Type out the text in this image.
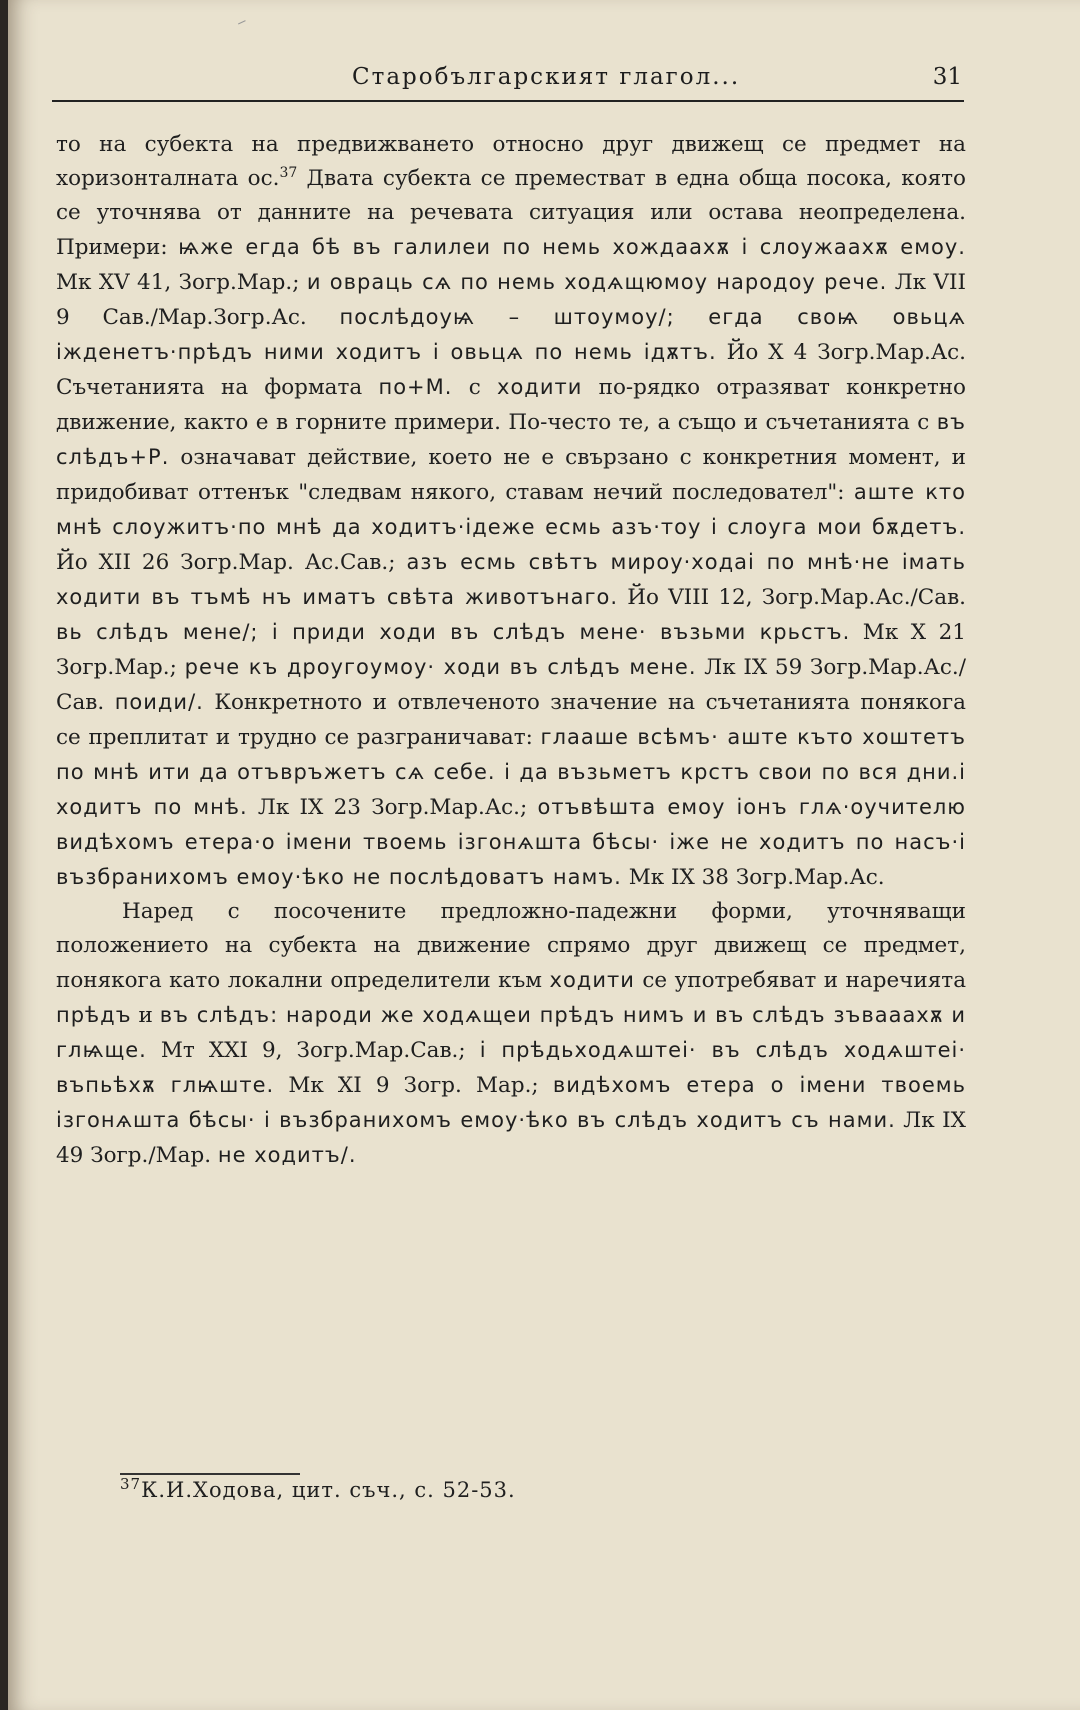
Старобългарският глагол...	31

то на субекта на предвижването относно друг движещ се предмет на хоризонталната ос.$^{37}$ Двата субекта се преместват в една обща посока, която се уточнява от данните на речевата ситуация или остава неопределена. Примери: ѩже егда бѣ въ галилеи по немь хождаахѫ і слоужаахѫ емоу. Мк XV 41, Зогр.Мар.; и овраць сѧ по немь ходѧщюмоу народоу рече. Лк VII 9 Сав./Мар.Зогр.Ас. послѣдоуѩ – штоумоу/; егда своѩ овьцѧ іжденетъ·прѣдъ ними ходитъ і овьцѧ по немь ідѫтъ. Йо X 4 Зогр.Мар.Ас. Съчетанията на формата по+М. с ходити по-рядко отразяват конкретно движение, както е в горните примери. По-често те, а също и съчетанията с въ слѣдъ+Р. означават действие, което не е свързано с конкретния момент, и придобиват оттенък "следвам някого, ставам нечий последовател": аште кто мнѣ слоужитъ·по мнѣ да ходитъ·ідеже есмь азъ·тоу і слоуга мои бѫдетъ. Йо XII 26 Зогр.Мар. Ас.Сав.; азъ есмь свѣтъ мироу·ходаі по мнѣ·не імать ходити въ тъмѣ нъ иматъ свѣта животънаго. Йо VIII 12, Зогр.Мар.Ас./Сав. вь слѣдъ мене/; і приди ходи въ слѣдъ мене· възьми крьстъ. Мк X 21 Зогр.Мар.; рече къ дроугоумоу· ходи въ слѣдъ мене. Лк IX 59 Зогр.Мар.Ас./Сав. поиди/. Конкретното и отвлеченото значение на съчетанията понякога се преплитат и трудно се разграничават: глааше всѣмъ· аште къто хоштетъ по мнѣ ити да отъвръжетъ сѧ себе. і да възьметъ крстъ свои по вся дни.і ходитъ по мнѣ. Лк IX 23 Зогр.Мар.Ас.; отъвѣшта емоу іонъ глѧ·оучителю видѣхомъ етера·о імени твоемь ізгонѧшта бѣсы· іже не ходитъ по насъ·і възбранихомъ емоу·ѣко не послѣдоватъ намъ. Мк IX 38 Зогр.Мар.Ас.

Наред с посочените предложно-падежни форми, уточняващи положението на субекта на движение спрямо друг движещ се предмет, понякога като локални определители към ходити се употребяват и наречията прѣдъ и въ слѣдъ: народи же ходѧщеи прѣдъ нимъ и въ слѣдъ зъвааахѫ и глѩще. Мт XXI 9, Зогр.Мар.Сав.; і прѣдьходѧштеі· въ слѣдъ ходѧштеі· въпьѣхѫ глѩште. Мк XI 9 Зогр. Мар.; видѣхомъ етера о імени твоемь ізгонѧшта бѣсы· і възбранихомъ емоу·ѣко въ слѣдъ ходитъ съ нами. Лк IX 49 Зогр./Мар. не ходитъ/.

$^{37}$К.И.Ходова, цит. съч., с. 52-53.
